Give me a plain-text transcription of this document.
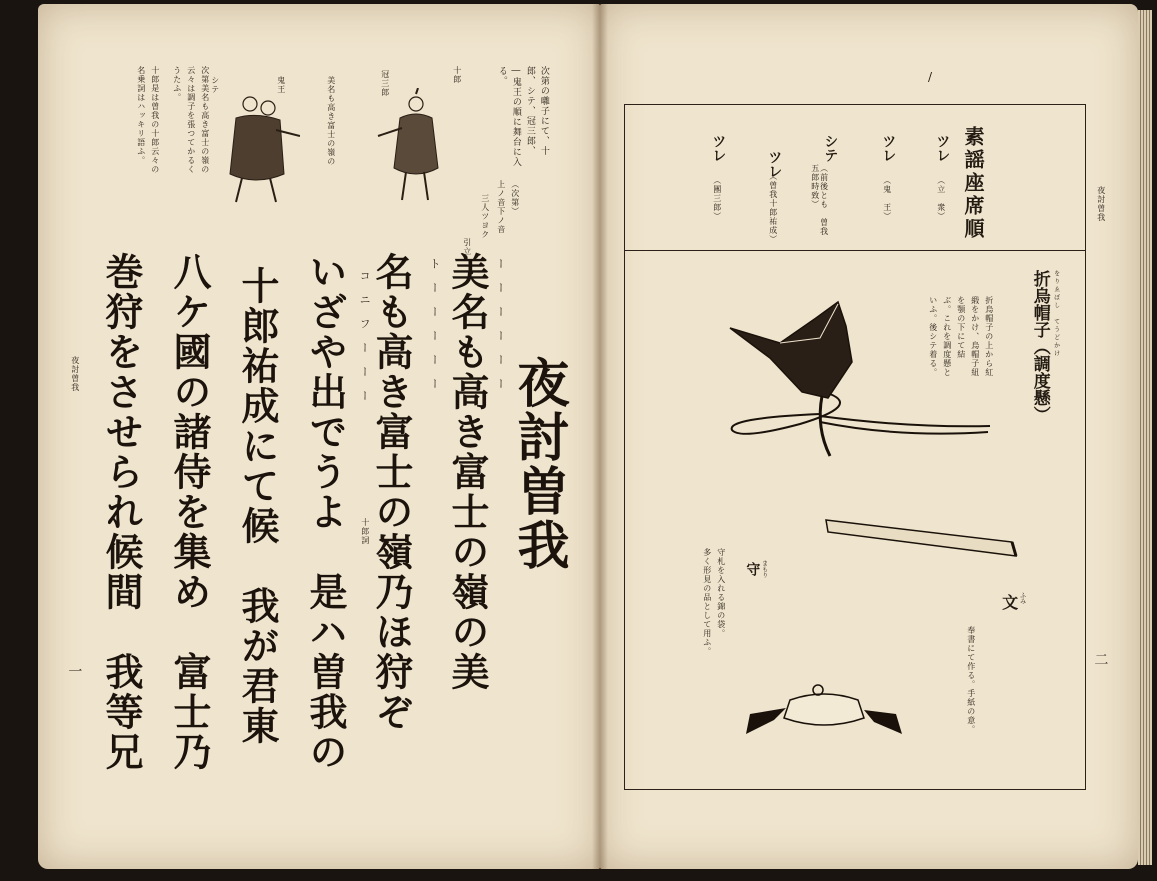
次第の囃子にて、十
郎、シテ、冠三郎、
―鬼王の順に舞台に入
る。
十郎
冠三郎
美名も高き富士の嶺の
鬼王
シテ
次第美名も高き富士の嶺の
云々は調子を張つてかるく
うたふ。
十郎是は曽我の十郎云々の
名乗詞はハッキリ語ふ。
（次第）
上ノ音下ノ音
三人ツヨク
引立
夜討曽我
美名も高き富士の嶺の美
名も高き富士の嶺乃ほ狩ぞ
いざや出でうよ　是ハ曽我の
十郎祐成にて候　我が君東
八ケ國の諸侍を集め　富士乃
巻狩をさせられ候間　我等兄	ー ー ー ー ー ー
ト ー ー ー ー ー
コ ニ フ ー ー ー
十郎詞
夜討曽我
一
/
夜討曽我
二
素謡座席順
ツレ
（立　衆）
ツレ
（鬼　王）
シテ
（前後とも　曽我五郎時致）
ツレ
（曽我十郎祐成）
ツレ
（團三郎）
折烏帽子（調度懸） をりゑぼし　てうどかけ
折烏帽子の上から紅
緞をかけ、烏帽子紐
を顎の下にて結
ぶ。これを調度懸と
いふ。後シテ着る。
文 ふみ
奉書にて作る。手紙の意。
守 まもり
守札を入れる錦の袋。
多く形見の品として用ふ。
